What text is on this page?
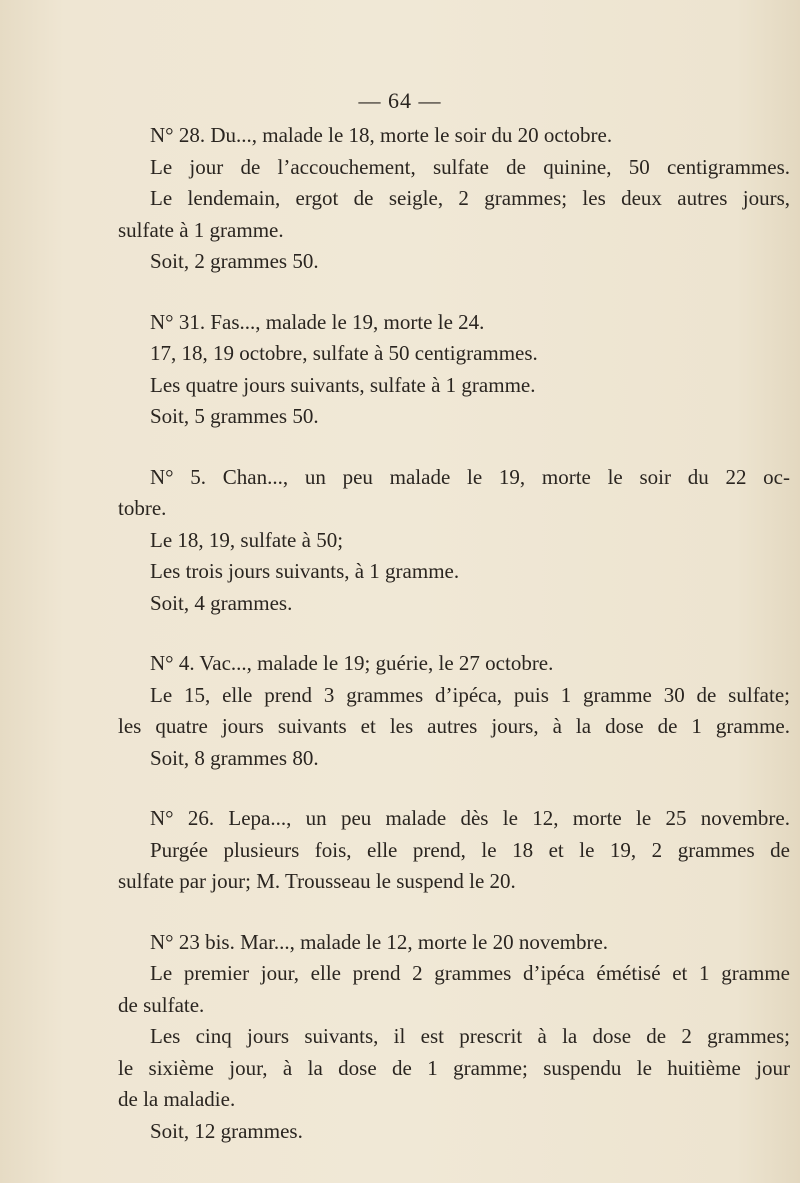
— 64 —
N° 28. Du..., malade le 18, morte le soir du 20 octobre.
Le jour de l’accouchement, sulfate de quinine, 50 centigrammes.
Le lendemain, ergot de seigle, 2 grammes; les deux autres jours,
sulfate à 1 gramme.
Soit, 2 grammes 50.
N° 31. Fas..., malade le 19, morte le 24.
17, 18, 19 octobre, sulfate à 50 centigrammes.
Les quatre jours suivants, sulfate à 1 gramme.
Soit, 5 grammes 50.
N° 5. Chan..., un peu malade le 19, morte le soir du 22 oc-
tobre.
Le 18, 19, sulfate à 50;
Les trois jours suivants, à 1 gramme.
Soit, 4 grammes.
N° 4. Vac..., malade le 19; guérie, le 27 octobre.
Le 15, elle prend 3 grammes d’ipéca, puis 1 gramme 30 de sulfate;
les quatre jours suivants et les autres jours, à la dose de 1 gramme.
Soit, 8 grammes 80.
N° 26. Lepa..., un peu malade dès le 12, morte le 25 novembre.
Purgée plusieurs fois, elle prend, le 18 et le 19, 2 grammes de
sulfate par jour; M. Trousseau le suspend le 20.
N° 23 bis. Mar..., malade le 12, morte le 20 novembre.
Le premier jour, elle prend 2 grammes d’ipéca émétisé et 1 gramme
de sulfate.
Les cinq jours suivants, il est prescrit à la dose de 2 grammes;
le sixième jour, à la dose de 1 gramme; suspendu le huitième jour
de la maladie.
Soit, 12 grammes.
